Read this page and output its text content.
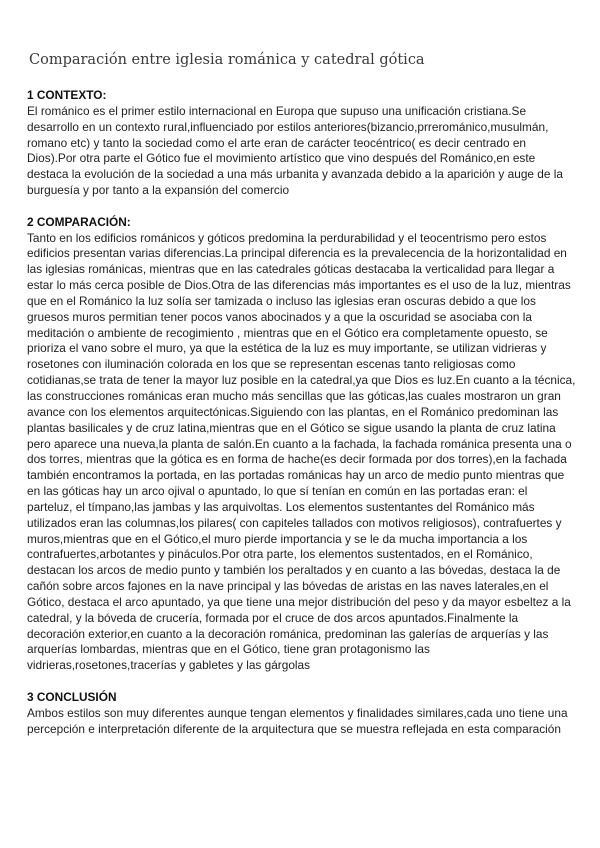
Comparación entre iglesia románica y catedral gótica
1 CONTEXTO:

El románico es el primer estilo internacional en Europa que supuso una unificación cristiana.Se desarrollo en un contexto rural,influenciado por estilos anteriores(bizancio,prrerománico,musulmán, romano etc) y tanto la sociedad como el arte eran de carácter teocéntrico( es decir centrado en Dios).Por otra parte el Gótico fue el movimiento artístico que vino después del Románico,en este destaca la evolución de la sociedad a una más urbanita y avanzada debido a la aparición y auge de la burguesía y por tanto a la expansión del comercio

2 COMPARACIÓN:

Tanto en los edificios románicos y góticos predomina la perdurabilidad y el teocentrismo pero estos edificios presentan varias diferencias.La principal diferencia es la prevalecencia de la horizontalidad en las iglesias románicas, mientras que en las catedrales góticas destacaba la verticalidad para llegar a estar lo más cerca posible de Dios.Otra de las diferencias más importantes es el uso de la luz, mientras que en el Románico la luz solía ser tamizada o incluso las iglesias eran oscuras debido a que los gruesos muros permitian tener pocos vanos abocinados y a que la oscuridad se asociaba con la meditación o ambiente de recogimiento , mientras que en el Gótico era completamente opuesto, se prioriza el vano sobre el muro, ya que la estética de la luz es muy importante, se utilizan vidrieras y rosetones con iluminación colorada en los que se representan escenas tanto religiosas como cotidianas,se trata de tener la mayor luz posible en la catedral,ya que Dios es luz.En cuanto a la técnica, las construcciones románicas eran mucho más sencillas que las góticas,las cuales mostraron un gran avance con los elementos arquitectónicas.Siguiendo con las plantas, en el Románico predominan las plantas basilicales y de cruz latina,mientras que en el Gótico se sigue usando la planta de cruz latina pero aparece una nueva,la planta de salón.En cuanto a la fachada, la fachada románica presenta una o dos torres, mientras que la gótica es en forma de hache(es decir formada por dos torres),en la fachada también encontramos la portada, en las portadas románicas hay un arco de medio punto mientras que en las góticas hay un arco ojival o apuntado, lo que sí tenían en común en las portadas eran: el parteluz, el tímpano,las jambas y las arquivoltas. Los elementos sustentantes del Románico más utilizados eran las columnas,los pilares( con capiteles tallados con motivos religiosos), contrafuertes y muros,mientras que en el Gótico,el muro pierde importancia y se le da mucha importancia a los contrafuertes,arbotantes y pináculos.Por otra parte, los elementos sustentados, en el Románico, destacan los arcos de medio punto y también los peraltados y en cuanto a las bóvedas, destaca la de cañón sobre arcos fajones en la nave principal y las bóvedas de aristas en las naves laterales,en el Gótico, destaca el arco apuntado, ya que tiene una mejor distribución del peso y da mayor esbeltez a la catedral, y la bóveda de crucería, formada por el cruce de dos arcos apuntados.Finalmente la decoración exterior,en cuanto a la decoración románica, predominan las galerías de arquerías y las arquerías lombardas, mientras que en el Gótico, tiene gran protagonismo las vidrieras,rosetones,tracerías y gabletes y las gárgolas

3 CONCLUSIÓN

Ambos estilos son muy diferentes aunque tengan elementos y finalidades similares,cada uno tiene una percepción e interpretación diferente de la arquitectura que se muestra reflejada en esta comparación
